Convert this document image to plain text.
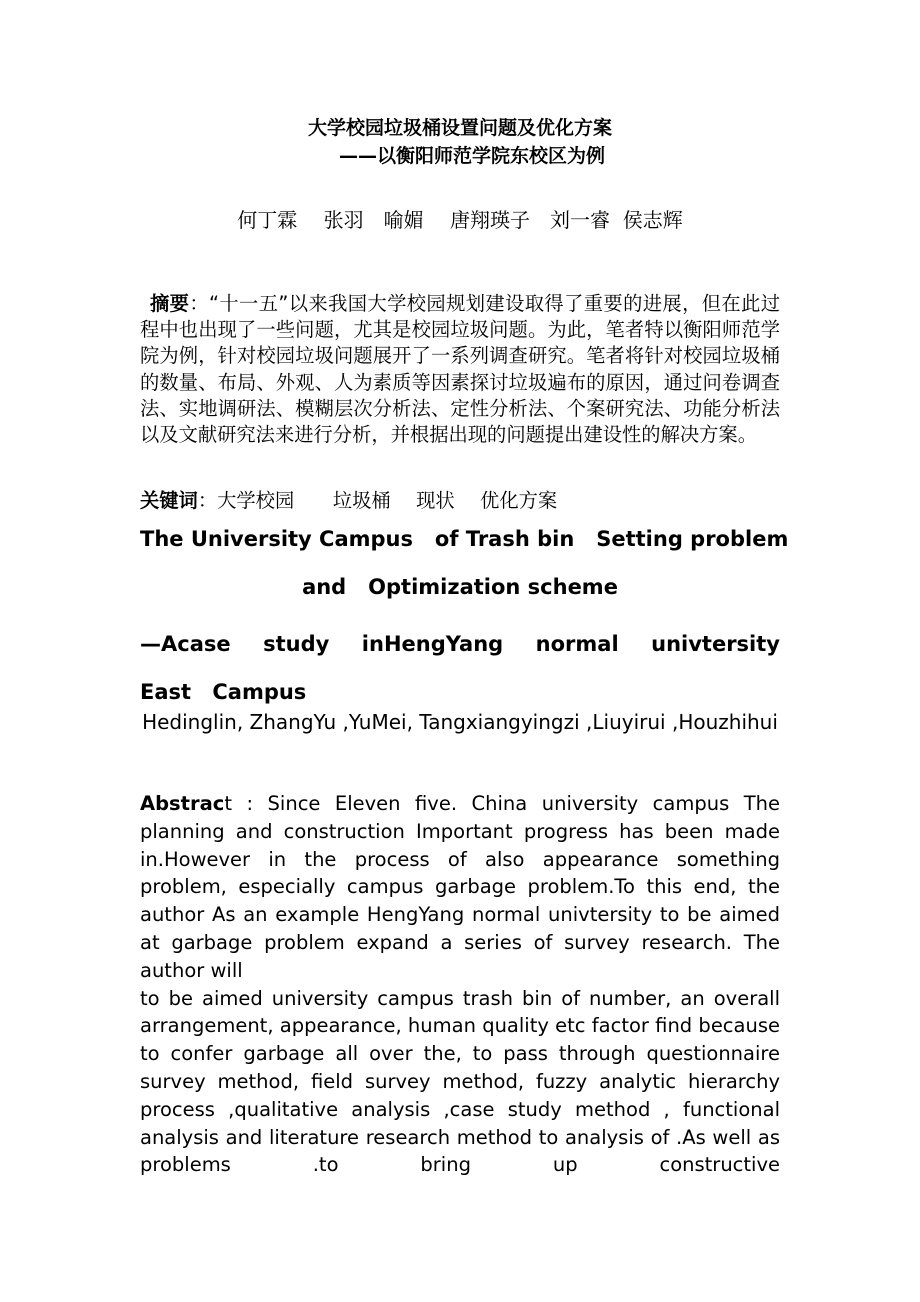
大学校园垃圾桶设置问题及优化方案
——以衡阳师范学院东校区为例
何丁霖　 张羽　喻媚　 唐翔瑛子　刘一睿  侯志辉
摘要：“十一五”以来我国大学校园规划建设取得了重要的进展，但在此过程中也出现了一些问题，尤其是校园垃圾问题。为此，笔者特以衡阳师范学院为例，针对校园垃圾问题展开了一系列调查研究。笔者将针对校园垃圾桶的数量、布局、外观、人为素质等因素探讨垃圾遍布的原因，通过问卷调查法、实地调研法、模糊层次分析法、定性分析法、个案研究法、功能分析法以及文献研究法来进行分析，并根据出现的问题提出建设性的解决方案。
关键词：大学校园　　垃圾桶　 现状　 优化方案
The University Campus   of Trash bin   Setting problem
and   Optimization scheme
—Acase study inHengYang normal univtersity East Campus
Hedinglin, ZhangYu ,YuMei, Tangxiangyingzi ,Liuyirui ,Houzhihui

Abstract : Since Eleven five. China university campus The planning and construction Important progress has been made in.However in the process of also appearance something problem, especially campus garbage problem.To this end, the author As an example HengYang normal univtersity to be aimed at garbage problem expand a series of survey research. The author will

to be aimed university campus trash bin of number, an overall arrangement, appearance, human quality etc factor find because to confer garbage all over the, to pass through questionnaire survey method, field survey method, fuzzy analytic hierarchy process ,qualitative analysis ,case study method , functional analysis and literature research method to analysis of .As well as problems .to bring up constructive
